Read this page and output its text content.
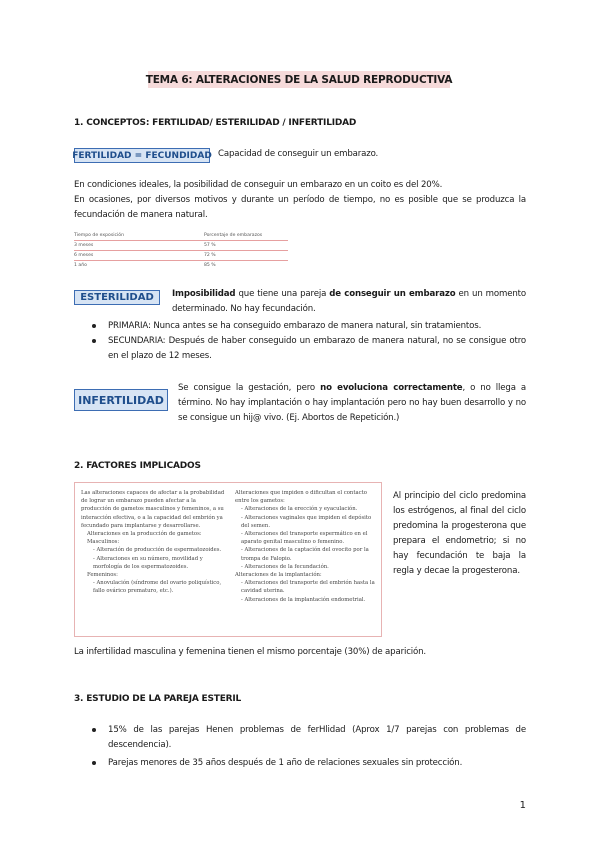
TEMA 6: ALTERACIONES DE LA SALUD REPRODUCTIVA
1. CONCEPTOS: FERTILIDAD/ ESTERILIDAD / INFERTILIDAD
FERTILIDAD = FECUNDIDAD Capacidad de conseguir un embarazo.
En condiciones ideales, la posibilidad de conseguir un embarazo en un coito es del 20%.
En ocasiones, por diversos motivos y durante un período de tiempo, no es posible que se produzca la fecundación de manera natural.
Tiempo de exposición	Porcentaje de embarazos
3 meses	57 %
6 meses	72 %
1 año	85 %
ESTERILIDAD	Imposibilidad que tiene una pareja de conseguir un embarazo en un momento determinado. No hay fecundación.
PRIMARIA: Nunca antes se ha conseguido embarazo de manera natural, sin tratamientos.
SECUNDARIA: Después de haber conseguido un embarazo de manera natural, no se consigue otro en el plazo de 12 meses.
INFERTILIDAD
Se consigue la gestación, pero no evoluciona correctamente, o no llega a término. No hay implantación o hay implantación pero no hay buen desarrollo y no se consigue un hij@ vivo. (Ej. Abortos de Repetición.)
2. FACTORES IMPLICADOS
Las alteraciones capaces de afectar a la probabilidad de lograr un embarazo pueden afectar a la producción de gametos masculinos y femeninos, a su interacción efectiva, o a la capacidad del embrión ya fecundado para implantarse y desarrollarse.
Alteraciones en la producción de gametos:
Masculinos:
- Alteración de producción de espermatozoides.
- Alteraciones en su número, movilidad y morfología de los espermatozoides.
Femeninos:
- Anovulación (síndrome del ovario poliquístico, fallo ovárico prematuro, etc.).
Alteraciones que impiden o dificultan el contacto entre los gametos:
- Alteraciones de la erección y eyaculación.
- Alteraciones vaginales que impiden el depósito del semen.
- Alteraciones del transporte espermático en el aparato genital masculino o femenino.
- Alteraciones de la captación del ovocito por la trompa de Falopio.
- Alteraciones de la fecundación.
Alteraciones de la implantación:
- Alteraciones del transporte del embrión hasta la cavidad uterina.
- Alteraciones de la implantación endometrial.
Al principio del ciclo predomina los estrógenos, al final del ciclo predomina la progesterona que prepara el endometrio; si no hay fecundación te baja la regla y decae la progesterona.
La infertilidad masculina y femenina tienen el mismo porcentaje (30%) de aparición.
3. ESTUDIO DE LA PAREJA ESTERIL
15% de las parejas Henen problemas de ferHlidad (Aprox 1/7 parejas con problemas de descendencia).
Parejas menores de 35 años después de 1 año de relaciones sexuales sin protección.
1
